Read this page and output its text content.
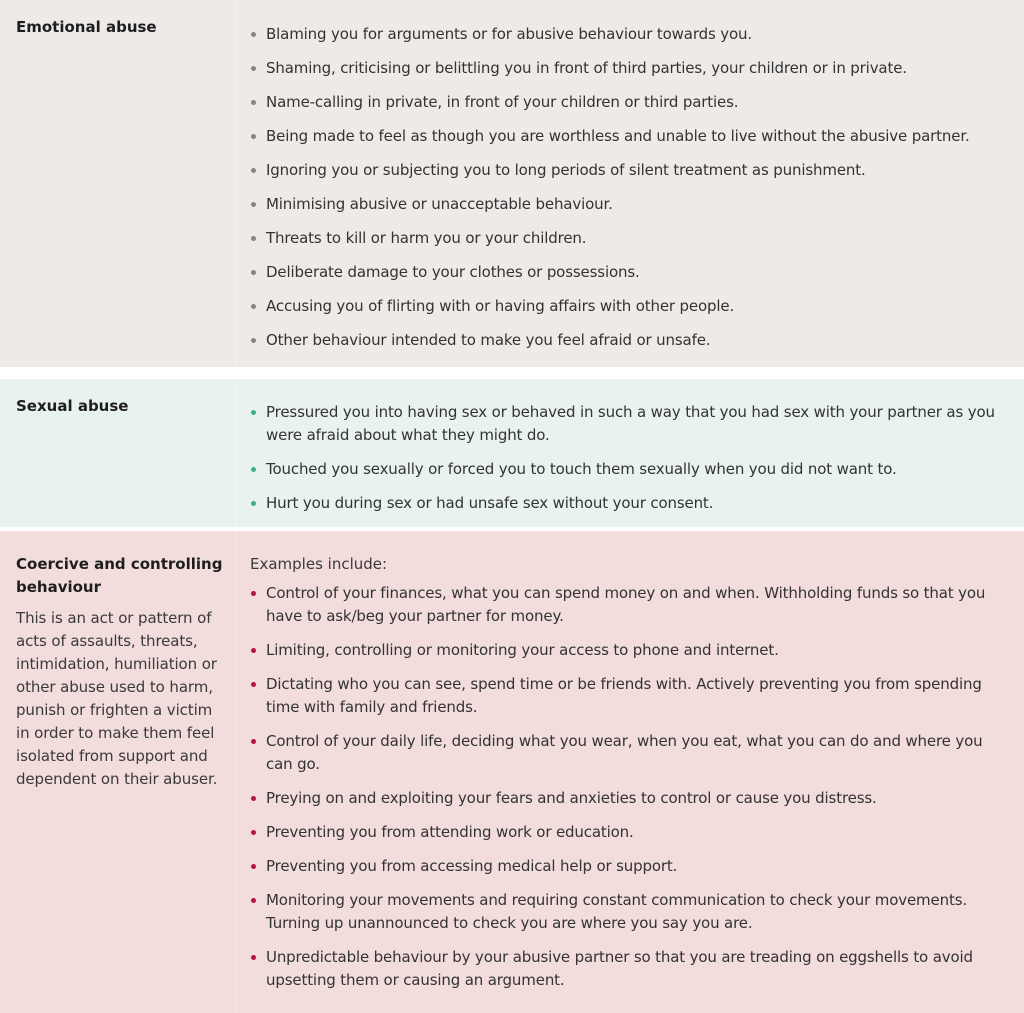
Emotional abuse	Blaming you for arguments or for abusive behaviour towards you.
Shaming, criticising or belittling you in front of third parties, your children or in private.
Name-calling in private, in front of your children or third parties.
Being made to feel as though you are worthless and unable to live without the abusive partner.
Ignoring you or subjecting you to long periods of silent treatment as punishment.
Minimising abusive or unacceptable behaviour.
Threats to kill or harm you or your children.
Deliberate damage to your clothes or possessions.
Accusing you of flirting with or having affairs with other people.
Other behaviour intended to make you feel afraid or unsafe.
Sexual abuse	Pressured you into having sex or behaved in such a way that you had sex with your partner as you were afraid about what they might do.
Touched you sexually or forced you to touch them sexually when you did not want to.
Hurt you during sex or had unsafe sex without your consent.
Coercive and controlling behaviour
This is an act or pattern of acts of assaults, threats, intimidation, humiliation or other abuse used to harm, punish or frighten a victim in order to make them feel isolated from support and dependent on their abuser.

Examples include:

Control of your finances, what you can spend money on and when. Withholding funds so that you have to ask/beg your partner for money.
Limiting, controlling or monitoring your access to phone and internet.
Dictating who you can see, spend time or be friends with. Actively preventing you from spending time with family and friends.
Control of your daily life, deciding what you wear, when you eat, what you can do and where you can go.
Preying on and exploiting your fears and anxieties to control or cause you distress.
Preventing you from attending work or education.
Preventing you from accessing medical help or support.
Monitoring your movements and requiring constant communication to check your movements. Turning up unannounced to check you are where you say you are.
Unpredictable behaviour by your abusive partner so that you are treading on eggshells to avoid upsetting them or causing an argument.
